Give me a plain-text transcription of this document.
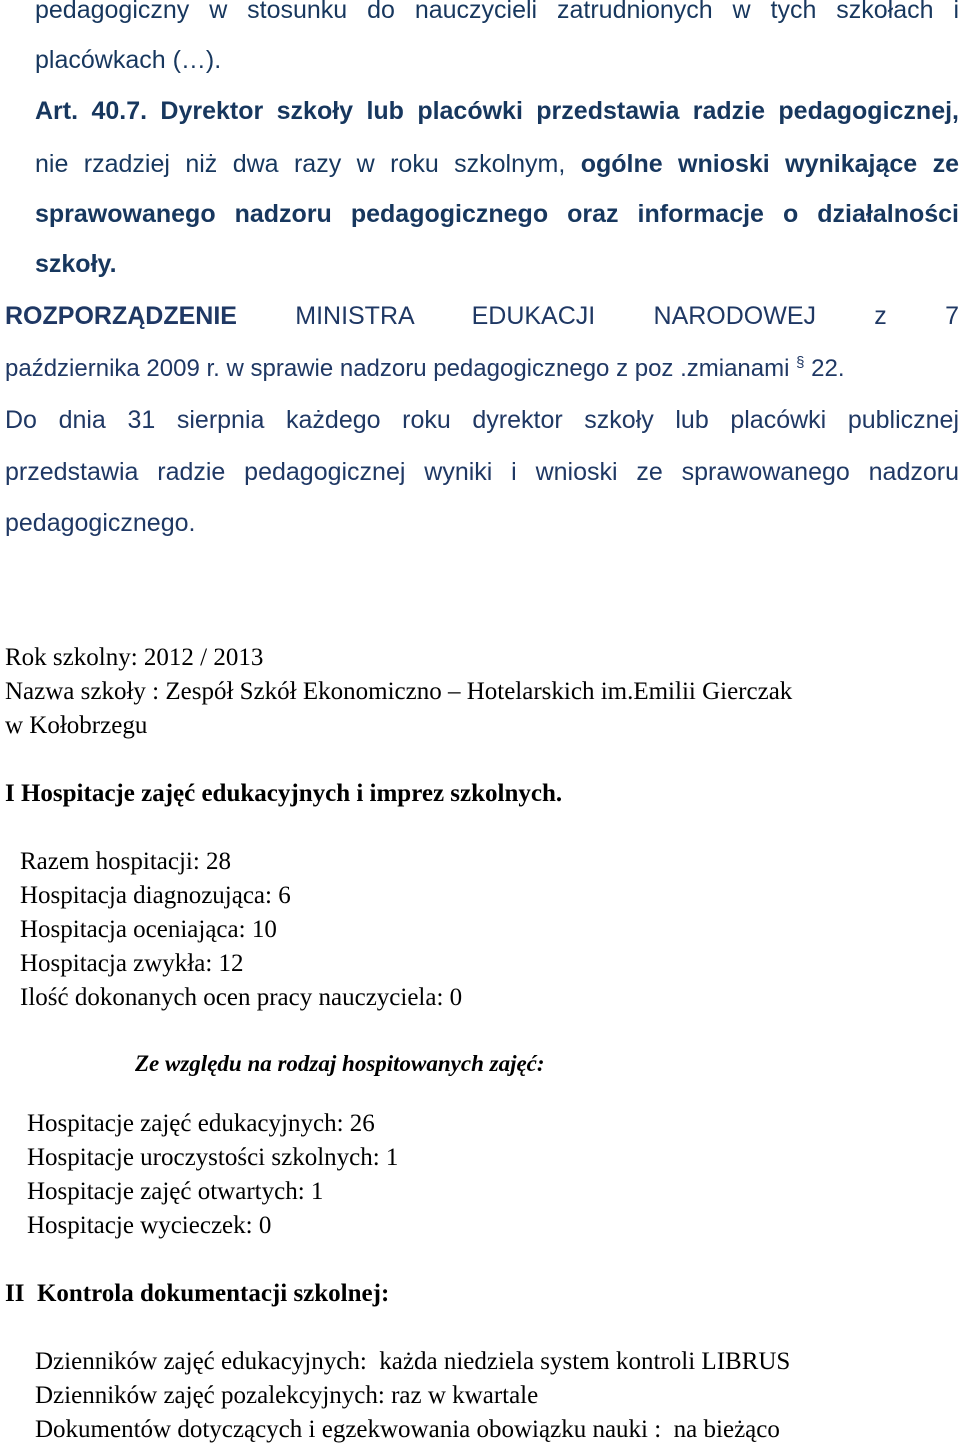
pedagogiczny w stosunku do nauczycieli zatrudnionych w tych szkołach i

placówkach (…).

Art. 40.7. Dyrektor szkoły lub placówki przedstawia radzie pedagogicznej,

nie rzadziej niż dwa razy w roku szkolnym, ogólne wnioski wynikające ze

sprawowanego nadzoru pedagogicznego oraz informacje o działalności

szkoły.

ROZPORZĄDZENIE MINISTRA EDUKACJI NARODOWEJ z 7

października 2009 r. w sprawie nadzoru pedagogicznego z poz .zmianami § 22.

Do dnia 31 sierpnia każdego roku dyrektor szkoły lub placówki publicznej

przedstawia radzie pedagogicznej wyniki i wnioski ze sprawowanego nadzoru

pedagogicznego.

Rok szkolny: 2012 / 2013

Nazwa szkoły : Zespół Szkół Ekonomiczno – Hotelarskich im.Emilii Gierczak

w Kołobrzegu

I Hospitacje zajęć edukacyjnych i imprez szkolnych.

Razem hospitacji: 28

Hospitacja diagnozująca: 6

Hospitacja oceniająca: 10

Hospitacja zwykła: 12

Ilość dokonanych ocen pracy nauczyciela: 0

Ze względu na rodzaj hospitowanych zajęć:

Hospitacje zajęć edukacyjnych: 26

Hospitacje uroczystości szkolnych: 1

Hospitacje zajęć otwartych: 1

Hospitacje wycieczek: 0

II  Kontrola dokumentacji szkolnej:

Dzienników zajęć edukacyjnych:  każda niedziela system kontroli LIBRUS

Dzienników zajęć pozalekcyjnych: raz w kwartale

Dokumentów dotyczących i egzekwowania obowiązku nauki :  na bieżąco
